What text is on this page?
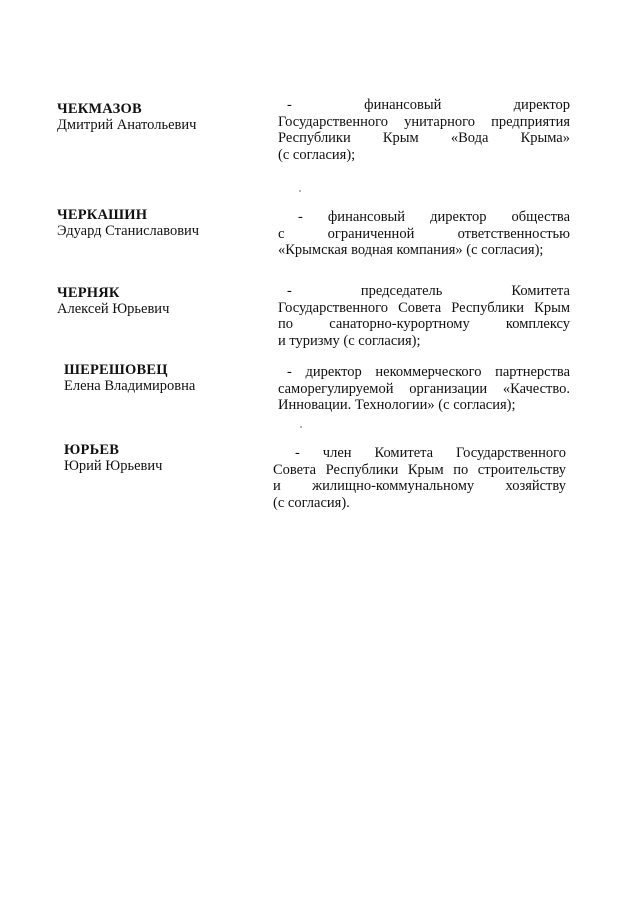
ЧЕКМАЗОВ
Дмитрий Анатольевич
- финансовый директор
Государственного унитарного предприятия
Республики Крым «Вода Крыма»
(с согласия);
ЧЕРКАШИН
Эдуард Станиславович
- финансовый директор общества
с ограниченной ответственностью
«Крымская водная компания» (с согласия);
ЧЕРНЯК
Алексей Юрьевич
- председатель Комитета
Государственного Совета Республики Крым
по санаторно-курортному комплексу
и туризму (с согласия);
ШЕРЕШОВЕЦ
Елена Владимировна
- директор некоммерческого партнерства
саморегулируемой организации «Качество.
Инновации. Технологии» (с согласия);
ЮРЬЕВ
Юрий Юрьевич
- член Комитета Государственного
Совета Республики Крым по строительству
и жилищно-коммунальному хозяйству
(с согласия).
